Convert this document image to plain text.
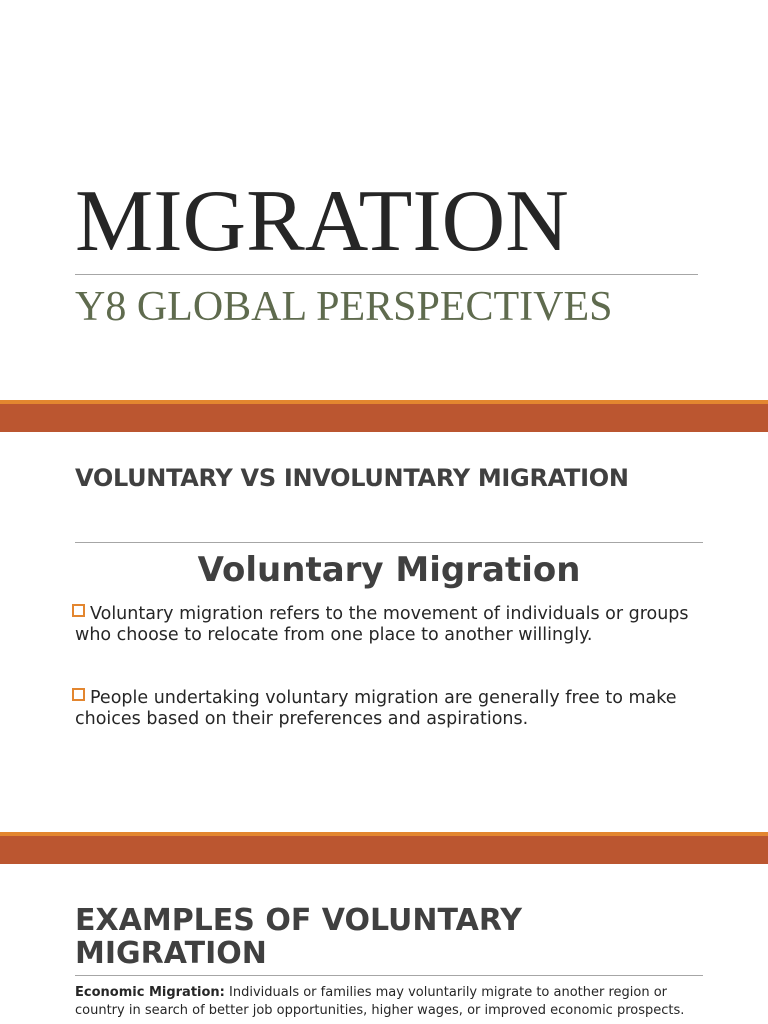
MIGRATION
Y8 GLOBAL PERSPECTIVES
VOLUNTARY VS INVOLUNTARY MIGRATION
Voluntary Migration

Voluntary migration refers to the movement of individuals or groups who choose to relocate from one place to another willingly.

People undertaking voluntary migration are generally free to make choices based on their preferences and aspirations.

EXAMPLES OF VOLUNTARY MIGRATION

Economic Migration: Individuals or families may voluntarily migrate to another region or country in search of better job opportunities, higher wages, or improved economic prospects.
